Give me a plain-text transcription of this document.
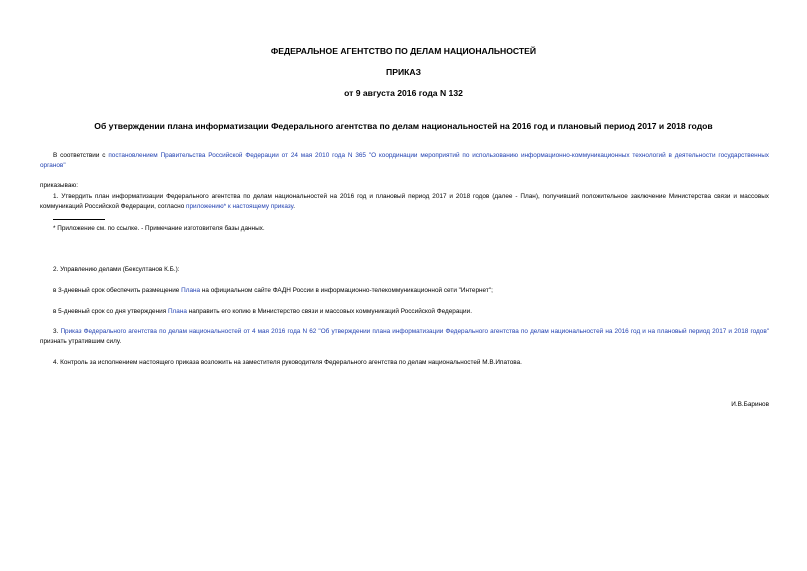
ФЕДЕРАЛЬНОЕ АГЕНТСТВО ПО ДЕЛАМ НАЦИОНАЛЬНОСТЕЙ
ПРИКАЗ
от 9 августа 2016 года N 132
Об утверждении плана информатизации Федерального агентства по делам национальностей на 2016 год и плановый период 2017 и 2018 годов
В соответствии с постановлением Правительства Российской Федерации от 24 мая 2010 года N 365 "О координации мероприятий по использованию информационно-коммуникационных технологий в деятельности государственных органов"
приказываю:
1. Утвердить план информатизации Федерального агентства по делам национальностей на 2016 год и плановый период 2017 и 2018 годов (далее - План), получивший положительное заключение Министерства связи и массовых коммуникаций Российской Федерации, согласно приложению* к настоящему приказу.
* Приложение см. по ссылке. - Примечание изготовителя базы данных.
2. Управлению делами (Бексултанов К.Б.):
в 3-дневный срок обеспечить размещение Плана на официальном сайте ФАДН России в информационно-телекоммуникационной сети "Интернет";
в 5-дневный срок со дня утверждения Плана направить его копию в Министерство связи и массовых коммуникаций Российской Федерации.
3. Приказ Федерального агентства по делам национальностей от 4 мая 2016 года N 62 "Об утверждении плана информатизации Федерального агентства по делам национальностей на 2016 год и на плановый период 2017 и 2018 годов" признать утратившим силу.
4. Контроль за исполнением настоящего приказа возложить на заместителя руководителя Федерального агентства по делам национальностей М.В.Ипатова.
И.В.Баринов
